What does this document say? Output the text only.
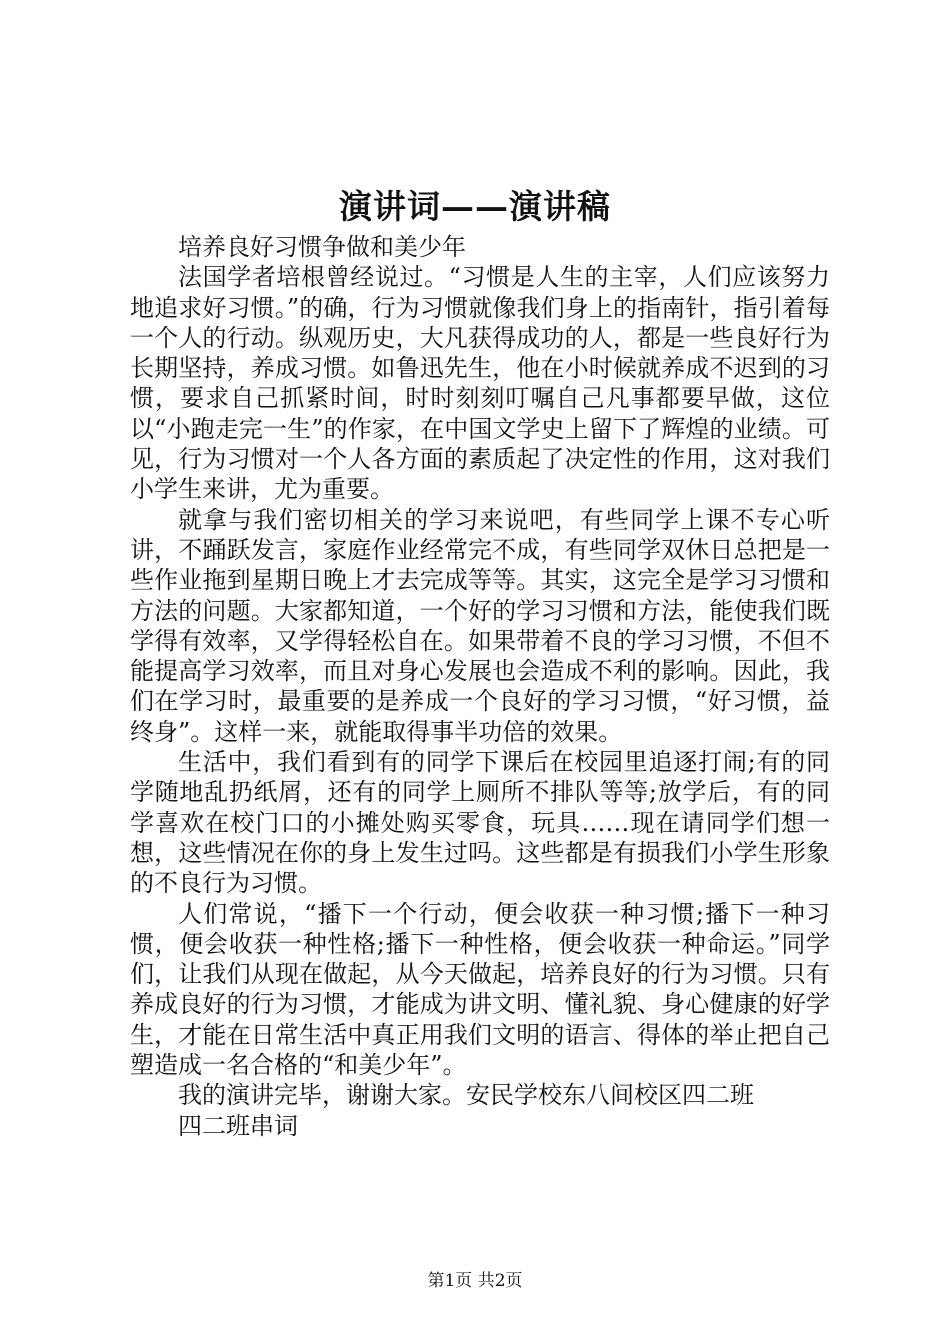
演讲词——演讲稿

培养良好习惯争做和美少年

法国学者培根曾经说过。“习惯是人生的主宰，人们应该努力地追求好习惯。”的确，行为习惯就像我们身上的指南针，指引着每一个人的行动。纵观历史，大凡获得成功的人，都是一些良好行为长期坚持，养成习惯。如鲁迅先生，他在小时候就养成不迟到的习惯，要求自己抓紧时间，时时刻刻叮嘱自己凡事都要早做，这位以“小跑走完一生”的作家，在中国文学史上留下了辉煌的业绩。可见，行为习惯对一个人各方面的素质起了决定性的作用，这对我们小学生来讲，尤为重要。

就拿与我们密切相关的学习来说吧，有些同学上课不专心听讲，不踊跃发言，家庭作业经常完不成，有些同学双休日总把是一些作业拖到星期日晚上才去完成等等。其实，这完全是学习习惯和方法的问题。大家都知道，一个好的学习习惯和方法，能使我们既学得有效率，又学得轻松自在。如果带着不良的学习习惯，不但不能提高学习效率，而且对身心发展也会造成不利的影响。因此，我们在学习时，最重要的是养成一个良好的学习习惯，“好习惯，益终身”。这样一来，就能取得事半功倍的效果。

生活中，我们看到有的同学下课后在校园里追逐打闹;有的同学随地乱扔纸屑，还有的同学上厕所不排队等等;放学后，有的同学喜欢在校门口的小摊处购买零食，玩具……现在请同学们想一想，这些情况在你的身上发生过吗。这些都是有损我们小学生形象的不良行为习惯。

人们常说，“播下一个行动，便会收获一种习惯;播下一种习惯，便会收获一种性格;播下一种性格，便会收获一种命运。”同学们，让我们从现在做起，从今天做起，培养良好的行为习惯。只有养成良好的行为习惯，才能成为讲文明、懂礼貌、身心健康的好学生，才能在日常生活中真正用我们文明的语言、得体的举止把自己塑造成一名合格的“和美少年”。

我的演讲完毕，谢谢大家。安民学校东八间校区四二班

四二班串词

第1页 共2页
